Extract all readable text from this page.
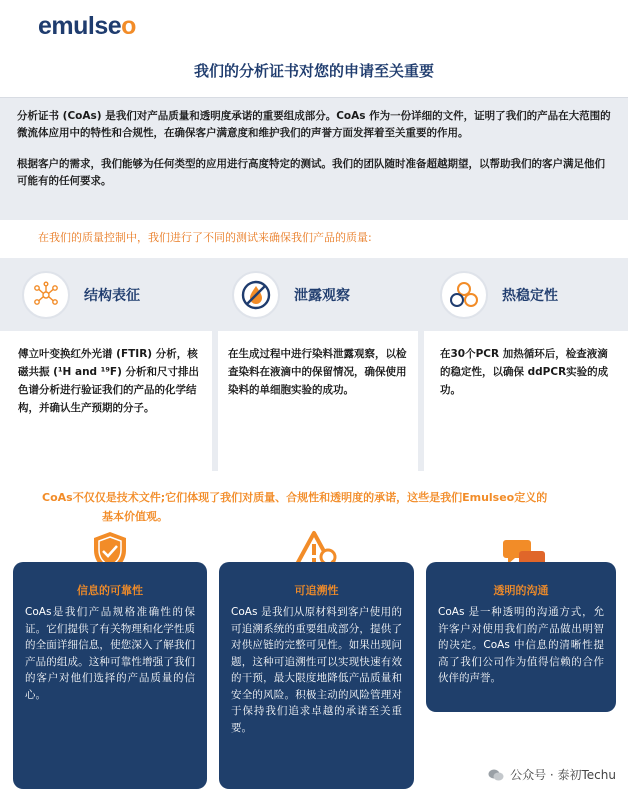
emulseo
我们的分析证书对您的申请至关重要

分析证书 (CoAs) 是我们对产品质量和透明度承诺的重要组成部分。CoAs 作为一份详细的文件，证明了我们的产品在大范围的微流体应用中的特性和合规性，在确保客户满意度和维护我们的声誉方面发挥着至关重要的作用。

根据客户的需求，我们能够为任何类型的应用进行高度特定的测试。我们的团队随时准备超越期望，以帮助我们的客户满足他们可能有的任何要求。

在我们的质量控制中，我们进行了不同的测试来确保我们产品的质量:
结构表征	泄露观察	热稳定性

傅立叶变换红外光谱 (FTIR) 分析，核磁共振 (¹H and ¹⁹F) 分析和尺寸排出色谱分析进行验证我们的产品的化学结构，并确认生产预期的分子。

在生成过程中进行染料泄露观察，以检查染料在液滴中的保留情况，确保使用染料的单细胞实验的成功。

在30个PCR 加热循环后，检查液滴的稳定性，以确保 ddPCR实验的成功。

CoAs不仅仅是技术文件;它们体现了我们对质量、合规性和透明度的承诺，这些是我们Emulseo定义的
基本价值观。
信息的可靠性
CoAs是我们产品规格准确性的保证。它们提供了有关物理和化学性质的全面详细信息，使您深入了解我们产品的组成。这种可靠性增强了我们的客户对他们选择的产品质量的信心。
可追溯性
CoAs 是我们从原材料到客户使用的可追溯系统的重要组成部分，提供了对供应链的完整可见性。如果出现问题，这种可追溯性可以实现快速有效的干预，最大限度地降低产品质量和安全的风险。积极主动的风险管理对于保持我们追求卓越的承诺至关重要。
透明的沟通
CoAs 是一种透明的沟通方式，允许客户对使用我们的产品做出明智的决定。CoAs 中信息的清晰性提高了我们公司作为值得信赖的合作伙伴的声誉。
公众号 · 泰初Techu
